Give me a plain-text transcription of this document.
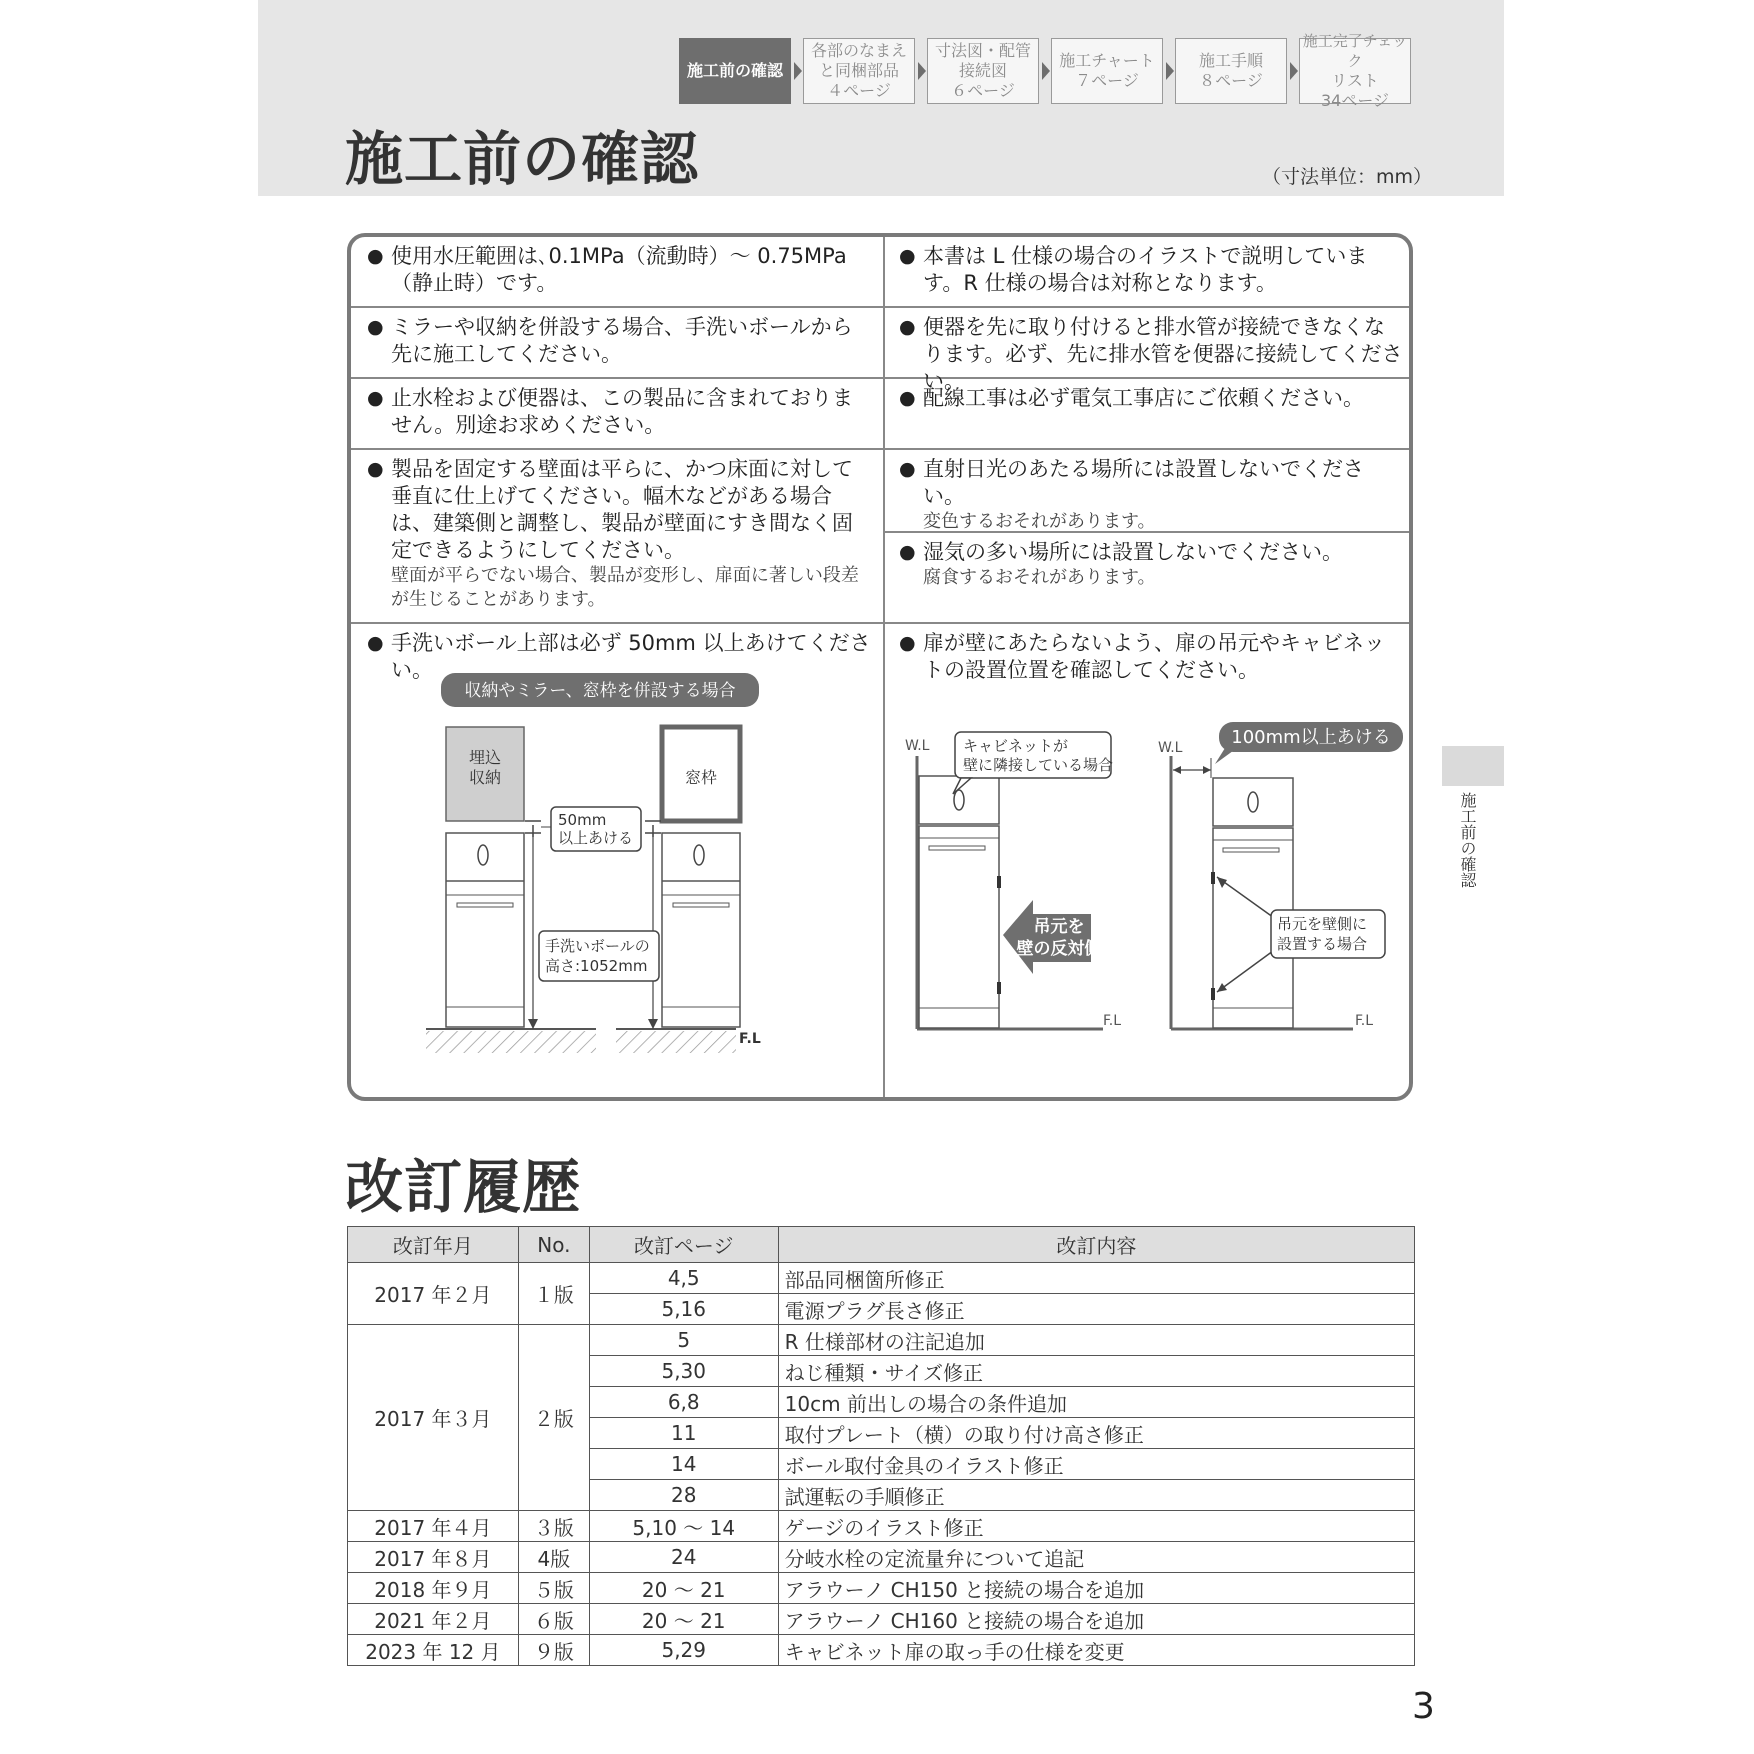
施工前の確認
各部のなまえ
と同梱部品
４ページ
寸法図・配管
接続図
６ページ
施工チャート
７ページ
施工手順
８ページ
施工完了チェック
リスト
34ページ
施工前の確認	（寸法単位：mm）
● 使用水圧範囲は､0.1MPa（流動時）～ 0.75MPa（静止時）です。
● 本書は L 仕様の場合のイラストで説明しています。R 仕様の場合は対称となります。
● ミラーや収納を併設する場合、手洗いボールから先に施工してください。
● 便器を先に取り付けると排水管が接続できなくなります。必ず、先に排水管を便器に接続してください。
● 止水栓および便器は、この製品に含まれておりません。別途お求めください。
● 配線工事は必ず電気工事店にご依頼ください。
● 製品を固定する壁面は平らに、かつ床面に対して垂直に仕上げてください。幅木などがある場合は、建築側と調整し、製品が壁面にすき間なく固定できるようにしてください。
壁面が平らでない場合、製品が変形し、扉面に著しい段差が生じることがあります。
● 直射日光のあたる場所には設置しないでください。
変色するおそれがあります。
● 湿気の多い場所には設置しないでください。
腐食するおそれがあります。
● 手洗いボール上部は必ず 50mm 以上あけてください。
● 扉が壁にあたらないよう、扉の吊元やキャビネットの設置位置を確認してください。
収納やミラー、窓枠を併設する場合
埋込
収納	窓枠
F.L
50mm
以上あける
手洗いボールの
高さ:1052mm
W.L
F.L
キャビネットが
壁に隣接している場合
吊元を
壁の反対側
W.L
F.L
100mm以上あける
吊元を壁側に
設置する場合
施工前の確認
改訂履歴
改訂年月	No.	改訂ページ	改訂内容
2017 年２月	１版	4,5	部品同梱箇所修正
		5,16	電源プラグ長さ修正
2017 年３月	２版	5	R 仕様部材の注記追加
		5,30	ねじ種類・サイズ修正
		6,8	10cm 前出しの場合の条件追加
		11	取付プレート（横）の取り付け高さ修正
		14	ボール取付金具のイラスト修正
		28	試運転の手順修正
2017 年４月	３版	5,10 ～ 14	ゲージのイラスト修正
2017 年８月	4版	24	分岐水栓の定流量弁について追記
2018 年９月	５版	20 ～ 21	アラウーノ CH150 と接続の場合を追加
2021 年２月	６版	20 ～ 21	アラウーノ CH160 と接続の場合を追加
2023 年 12 月	９版	5,29	キャビネット扉の取っ手の仕様を変更
3
